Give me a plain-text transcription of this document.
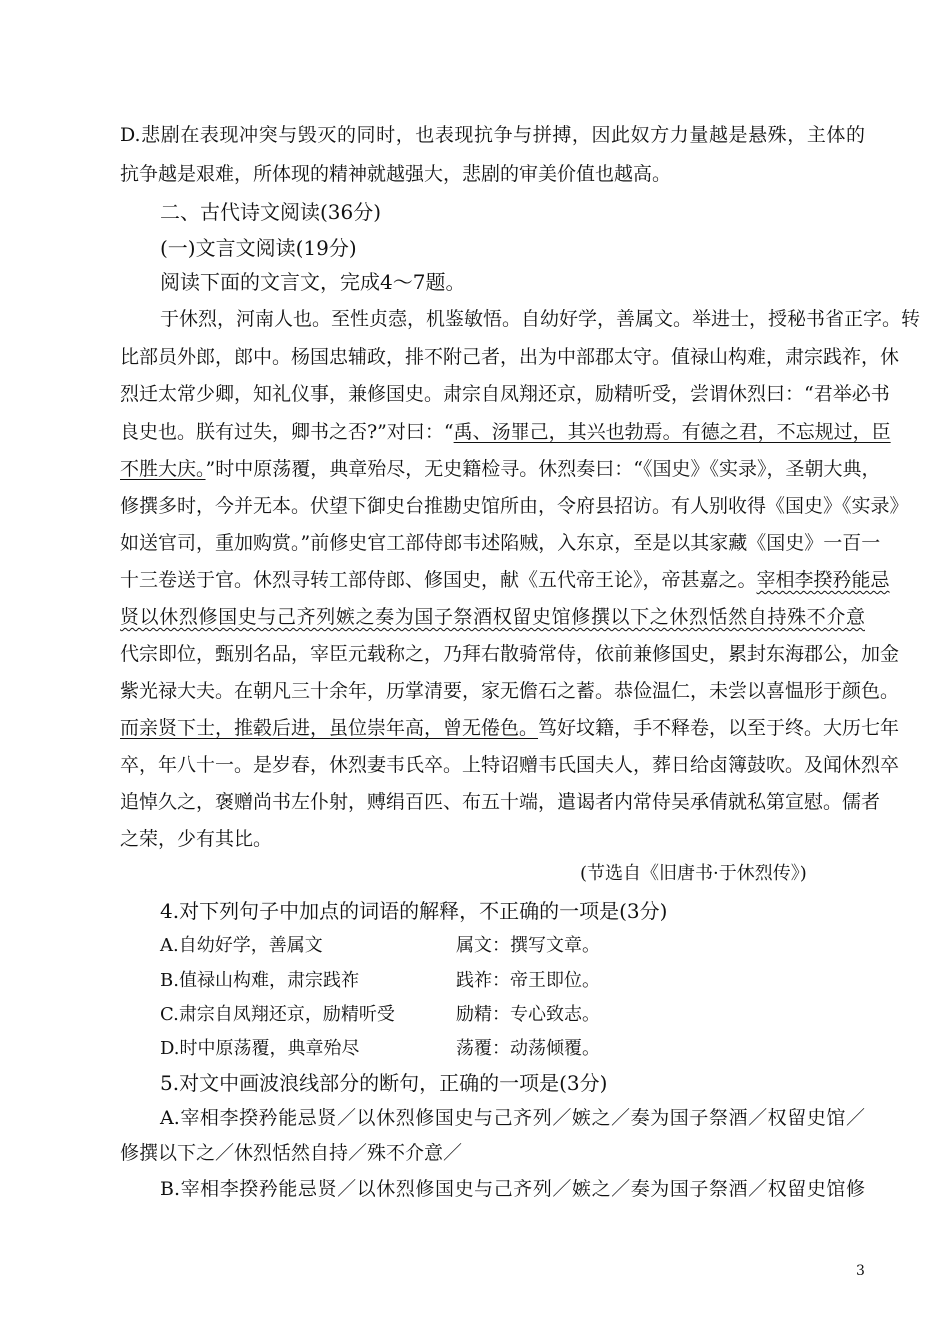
D.悲剧在表现冲突与毁灭的同时，也表现抗争与拼搏，因此奴方力量越是悬殊，主体的
抗争越是艰难，所体现的精神就越强大，悲剧的审美价值也越高。
二、古代诗文阅读(36分)
(一)文言文阅读(19分)
阅读下面的文言文，完成4～7题。
于休烈，河南人也。至性贞悫，机鉴敏悟。自幼好学，善属文。举进士，授秘书省正字。转
比部员外郎，郎中。杨国忠辅政，排不附己者，出为中部郡太守。值禄山构难，肃宗践祚，休
烈迁太常少卿，知礼仪事，兼修国史。肃宗自凤翔还京，励精听受，尝谓休烈曰：“君举必书
良史也。朕有过失，卿书之否?”对曰：“禹、汤罪己，其兴也勃焉。有德之君，不忘规过，臣
不胜大庆。”时中原荡覆，典章殆尽，无史籍检寻。休烈奏曰：“《国史》《实录》，圣朝大典，
修撰多时，今并无本。伏望下御史台推勘史馆所由，令府县招访。有人别收得《国史》《实录》
如送官司，重加购赏。”前修史官工部侍郎韦述陷贼，入东京，至是以其家藏《国史》一百一
十三卷送于官。休烈寻转工部侍郎、修国史，献《五代帝王论》，帝甚嘉之。宰相李揆矜能忌
贤以休烈修国史与己齐列嫉之奏为国子祭酒权留史馆修撰以下之休烈恬然自持殊不介意
代宗即位，甄别名品，宰臣元载称之，乃拜右散骑常侍，依前兼修国史，累封东海郡公，加金
紫光禄大夫。在朝凡三十余年，历掌清要，家无儋石之蓄。恭俭温仁，未尝以喜愠形于颜色。
而亲贤下士，推毂后进，虽位崇年高，曾无倦色。笃好坟籍，手不释卷，以至于终。大历七年
卒，年八十一。是岁春，休烈妻韦氏卒。上特诏赠韦氏国夫人，葬日给卤簿鼓吹。及闻休烈卒
追悼久之，褒赠尚书左仆射，赙绢百匹、布五十端，遣谒者内常侍吴承倩就私第宣慰。儒者
之荣，少有其比。
(节选自《旧唐书·于休烈传》)
4.对下列句子中加点的词语的解释，不正确的一项是(3分)
A.自幼好学，善属文	属文：撰写文章。
B.值禄山构难，肃宗践祚	践祚：帝王即位。
C.肃宗自凤翔还京，励精听受	励精：专心致志。
D.时中原荡覆，典章殆尽	荡覆：动荡倾覆。
5.对文中画波浪线部分的断句，正确的一项是(3分)
A.宰相李揆矜能忌贤／以休烈修国史与己齐列／嫉之／奏为国子祭酒／权留史馆／
修撰以下之／休烈恬然自持／殊不介意／
B.宰相李揆矜能忌贤／以休烈修国史与己齐列／嫉之／奏为国子祭酒／权留史馆修
3
